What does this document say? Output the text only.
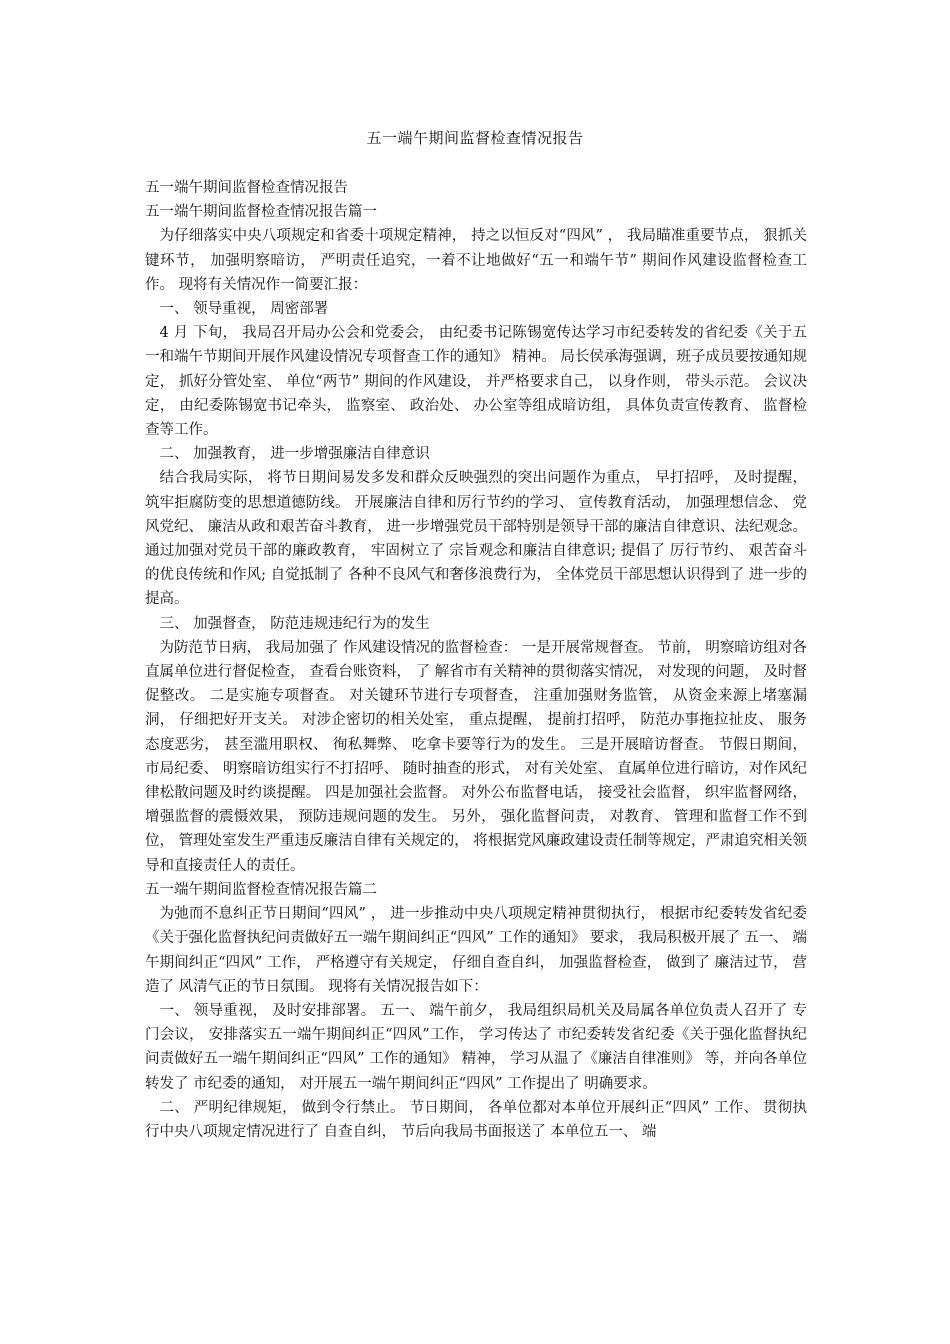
五一端午期间监督检查情况报告

五一端午期间监督检查情况报告

五一端午期间监督检查情况报告篇一

为仔细落实中央八项规定和省委十项规定精神， 持之以恒反对“四风” ， 我局瞄准重要节点， 狠抓关键环节， 加强明察暗访， 严明责任追究，一着不让地做好“五一和端午节” 期间作风建设监督检查工作。 现将有关情况作一简要汇报：

一、 领导重视， 周密部署

4 月 下旬， 我局召开局办公会和党委会， 由纪委书记陈锡宽传达学习市纪委转发的省纪委《关于五一和端午节期间开展作风建设情况专项督查工作的通知》 精神。 局长侯承海强调，班子成员要按通知规定， 抓好分管处室、 单位“两节” 期间的作风建设， 并严格要求自己， 以身作则， 带头示范。 会议决定， 由纪委陈锡宽书记牵头， 监察室、 政治处、 办公室等组成暗访组， 具体负责宣传教育、 监督检查等工作。

二、 加强教育， 进一步增强廉洁自律意识

结合我局实际， 将节日期间易发多发和群众反映强烈的突出问题作为重点， 早打招呼， 及时提醒， 筑牢拒腐防变的思想道德防线。 开展廉洁自律和厉行节约的学习、 宣传教育活动， 加强理想信念、 党风党纪、 廉洁从政和艰苦奋斗教育， 进一步增强党员干部特别是领导干部的廉洁自律意识、法纪观念。 通过加强对党员干部的廉政教育， 牢固树立了 宗旨观念和廉洁自律意识; 提倡了 厉行节约、 艰苦奋斗的优良传统和作风; 自觉抵制了 各种不良风气和奢侈浪费行为， 全体党员干部思想认识得到了 进一步的提高。

三、 加强督查， 防范违规违纪行为的发生

为防范节日病， 我局加强了 作风建设情况的监督检查： 一是开展常规督查。 节前， 明察暗访组对各直属单位进行督促检查， 查看台账资料， 了 解省市有关精神的贯彻落实情况， 对发现的问题， 及时督促整改。 二是实施专项督查。 对关键环节进行专项督查， 注重加强财务监管， 从资金来源上堵塞漏洞， 仔细把好开支关。 对涉企密切的相关处室， 重点提醒， 提前打招呼， 防范办事拖拉扯皮、 服务态度恶劣， 甚至滥用职权、 徇私舞弊、 吃拿卡要等行为的发生。 三是开展暗访督查。 节假日期间， 市局纪委、 明察暗访组实行不打招呼、 随时抽查的形式， 对有关处室、 直属单位进行暗访，对作风纪律松散问题及时约谈提醒。 四是加强社会监督。 对外公布监督电话， 接受社会监督， 织牢监督网络， 增强监督的震慑效果， 预防违规问题的发生。 另外， 强化监督问责， 对教育、 管理和监督工作不到位， 管理处室发生严重违反廉洁自律有关规定的， 将根据党风廉政建设责任制等规定，严肃追究相关领导和直接责任人的责任。

五一端午期间监督检查情况报告篇二

为弛而不息纠正节日期间“四风” ， 进一步推动中央八项规定精神贯彻执行， 根据市纪委转发省纪委《关于强化监督执纪问责做好五一端午期间纠正“四风” 工作的通知》 要求， 我局积极开展了 五一、 端午期间纠正“四风” 工作， 严格遵守有关规定， 仔细自查自纠， 加强监督检查， 做到了 廉洁过节， 营造了 风清气正的节日氛围。 现将有关情况报告如下：

一、 领导重视， 及时安排部署。 五一、 端午前夕， 我局组织局机关及局属各单位负责人召开了 专门会议， 安排落实五一端午期间纠正“四风”工作， 学习传达了 市纪委转发省纪委《关于强化监督执纪问责做好五一端午期间纠正“四风” 工作的通知》 精神， 学习从温了《廉洁自律准则》 等，并向各单位转发了 市纪委的通知， 对开展五一端午期间纠正“四风” 工作提出了 明确要求。

二、 严明纪律规矩， 做到令行禁止。 节日期间， 各单位都对本单位开展纠正“四风” 工作、 贯彻执行中央八项规定情况进行了 自查自纠， 节后向我局书面报送了 本单位五一、 端
